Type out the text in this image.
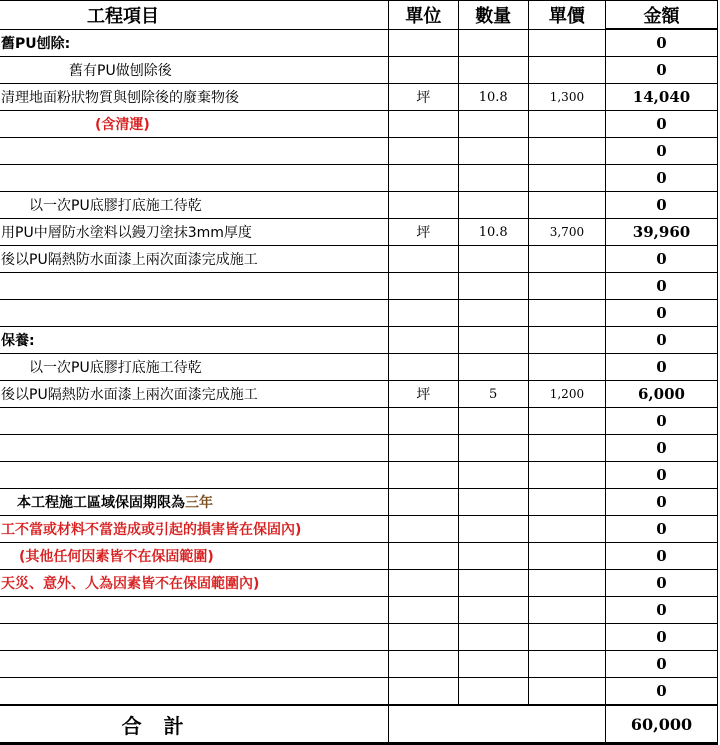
工程項目	單位	數量	單價	金額
舊PU刨除:				0
舊有PU做刨除後				0
清理地面粉狀物質與刨除後的廢棄物後	坪	10.8	1,300	14,040
(含清運)				0
				0
				0
以一次PU底膠打底施工待乾				0
用PU中層防水塗料以鏝刀塗抹3mm厚度	坪	10.8	3,700	39,960
後以PU隔熱防水面漆上兩次面漆完成施工				0
				0
				0
保養:				0
以一次PU底膠打底施工待乾				0
後以PU隔熱防水面漆上兩次面漆完成施工	坪	5	1,200	6,000
				0
				0
				0
本工程施工區域保固期限為三年				0
工不當或材料不當造成或引起的損害皆在保固內)				0
(其他任何因素皆不在保固範圍)				0
天災、意外、人為因素皆不在保固範圍內)				0
				0
				0
				0
				0
合計				60,000
